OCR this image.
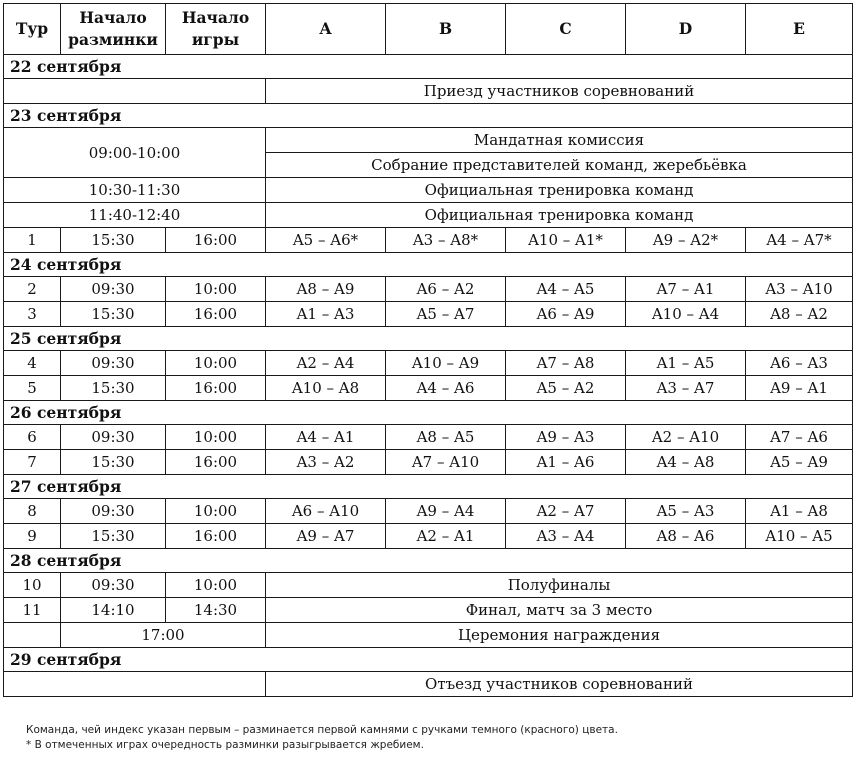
Тур	Начало разминки	Начало игры	A	B	C	D	E
22 сентября							
			Приезд участников соревнований				
23 сентября							
09:00-10:00			Мандатная комиссия				
			Собрание представителей команд, жеребьёвка				
10:30-11:30			Официальная тренировка команд				
11:40-12:40			Официальная тренировка команд				
1	15:30	16:00	A5 – A6*	A3 – A8*	A10 – A1*	A9 – A2*	A4 – A7*
24 сентября							
2	09:30	10:00	A8 – A9	A6 – A2	A4 – A5	A7 – A1	A3 – A10
3	15:30	16:00	A1 – A3	A5 – A7	A6 – A9	A10 – A4	A8 – A2
25 сентября							
4	09:30	10:00	A2 – A4	A10 – A9	A7 – A8	A1 – A5	A6 – A3
5	15:30	16:00	A10 – A8	A4 – A6	A5 – A2	A3 – A7	A9 – A1
26 сентября							
6	09:30	10:00	A4 – A1	A8 – A5	A9 – A3	A2 – A10	A7 – A6
7	15:30	16:00	A3 – A2	A7 – A10	A1 – A6	A4 – A8	A5 – A9
27 сентября							
8	09:30	10:00	A6 – A10	A9 – A4	A2 – A7	A5 – A3	A1 – A8
9	15:30	16:00	A9 – A7	A2 – A1	A3 – A4	A8 – A6	A10 – A5
28 сентября							
10	09:30	10:00	Полуфиналы				
11	14:10	14:30	Финал, матч за 3 место				
	17:00		Церемония награждения				
29 сентября							
			Отъезд участников соревнований				
Команда, чей индекс указан первым – разминается первой камнями с ручками темного (красного) цвета.
* В отмеченных играх очередность разминки разыгрывается жребием.
